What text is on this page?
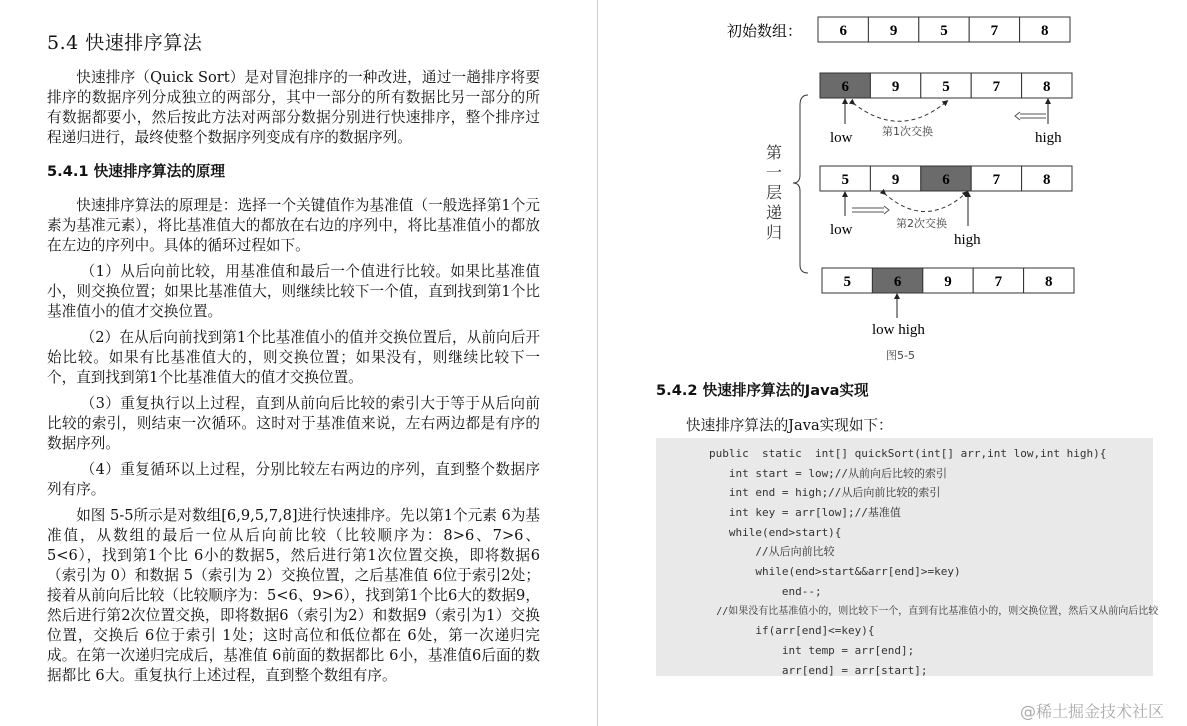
5.4 快速排序算法
快速排序（Quick Sort）是对冒泡排序的一种改进，通过一趟排序将要排序的数据序列分成独立的两部分，其中一部分的所有数据比另一部分的所有数据都要小，然后按此方法对两部分数据分别进行快速排序，整个排序过程递归进行，最终使整个数据序列变成有序的数据序列。
5.4.1 快速排序算法的原理
快速排序算法的原理是：选择一个关键值作为基准值（一般选择第1个元素为基准元素），将比基准值大的都放在右边的序列中，将比基准值小的都放在左边的序列中。具体的循环过程如下。
（1）从后向前比较，用基准值和最后一个值进行比较。如果比基准值小，则交换位置；如果比基准值大，则继续比较下一个值，直到找到第1个比基准值小的值才交换位置。
（2）在从后向前找到第1个比基准值小的值并交换位置后，从前向后开始比较。如果有比基准值大的，则交换位置；如果没有，则继续比较下一个，直到找到第1个比基准值大的值才交换位置。
（3）重复执行以上过程，直到从前向后比较的索引大于等于从后向前比较的索引，则结束一次循环。这时对于基准值来说，左右两边都是有序的数据序列。
（4）重复循环以上过程，分别比较左右两边的序列，直到整个数据序列有序。
如图 5-5所示是对数组[6,9,5,7,8]进行快速排序。先以第1个元素 6为基准值，从数组的最后一位从后向前比较（比较顺序为：8>6、7>6、5<6），找到第1个比 6小的数据5，然后进行第1次位置交换，即将数据6（索引为 0）和数据 5（索引为 2）交换位置，之后基准值 6位于索引2处；接着从前向后比较（比较顺序为：5<6、9>6），找到第1个比6大的数据9，然后进行第2次位置交换，即将数据6（索引为2）和数据9（索引为1）交换位置，交换后 6位于索引 1处；这时高位和低位都在 6处，第一次递归完成。在第一次递归完成后，基准值 6前面的数据都比 6小，基准值6后面的数据都比 6大。重复执行上述过程，直到整个数组有序。
初始数组： 6	9	5	7	8
6	9	5	7	8
5	9	6	7	8
5	6	9	7	8
第
一
层
递
归
low	high
第1次交换
low
high
第2次交换
low high
图5-5
5.4.2 快速排序算法的Java实现
快速排序算法的Java实现如下：
public  static  int[] quickSort(int[] arr,int low,int high){
int start = low;//从前向后比较的索引
int end = high;//从后向前比较的索引
int key = arr[low];//基准值
while(end>start){
//从后向前比较
while(end>start&&arr[end]>=key)
end--;
//如果没有比基准值小的，则比较下一个，直到有比基准值小的，则交换位置，然后又从前向后比较
if(arr[end]<=key){
int temp = arr[end];
arr[end] = arr[start];
@稀土掘金技术社区
